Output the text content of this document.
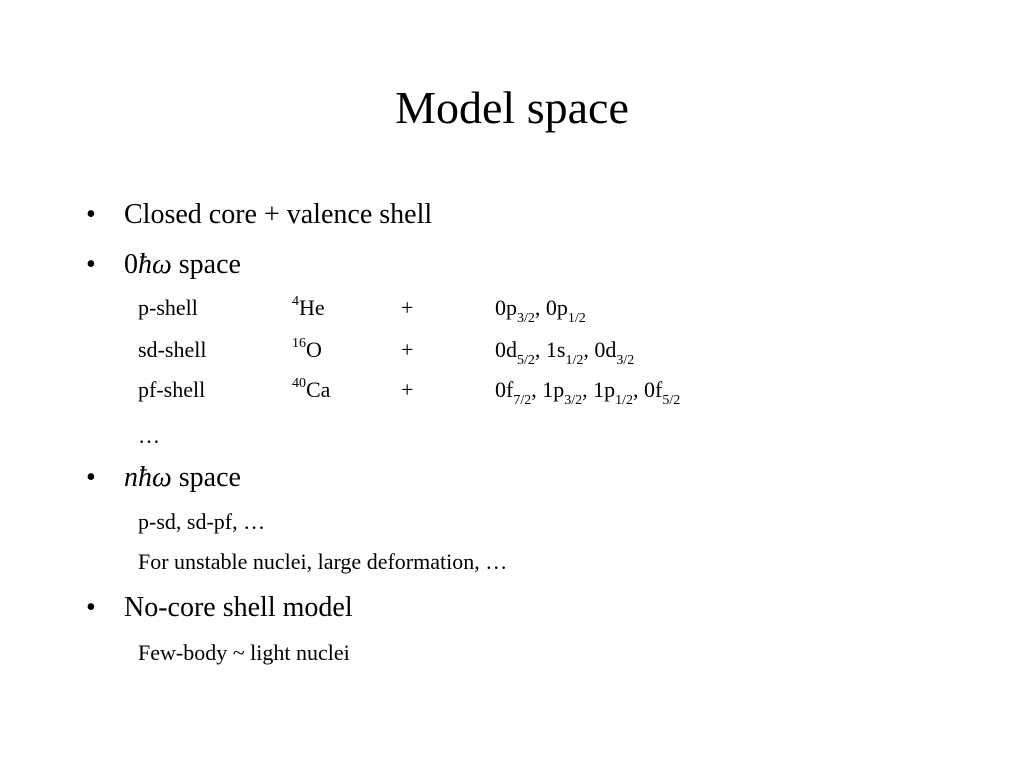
Model space
• Closed core + valence shell
• 0ħω space
p-shell	$^4$He	+	$0p_{3/2}$, $0p_{1/2}$
sd-shell	$^{16}$O	+	$0d_{5/2}$, $1s_{1/2}$, $0d_{3/2}$
pf-shell	$^{40}$Ca	+	$0f_{7/2}$, $1p_{3/2}$, $1p_{1/2}$, $0f_{5/2}$
…
• nħω space
p-sd, sd-pf, …
For unstable nuclei, large deformation, …
• No-core shell model
Few-body ~ light nuclei
